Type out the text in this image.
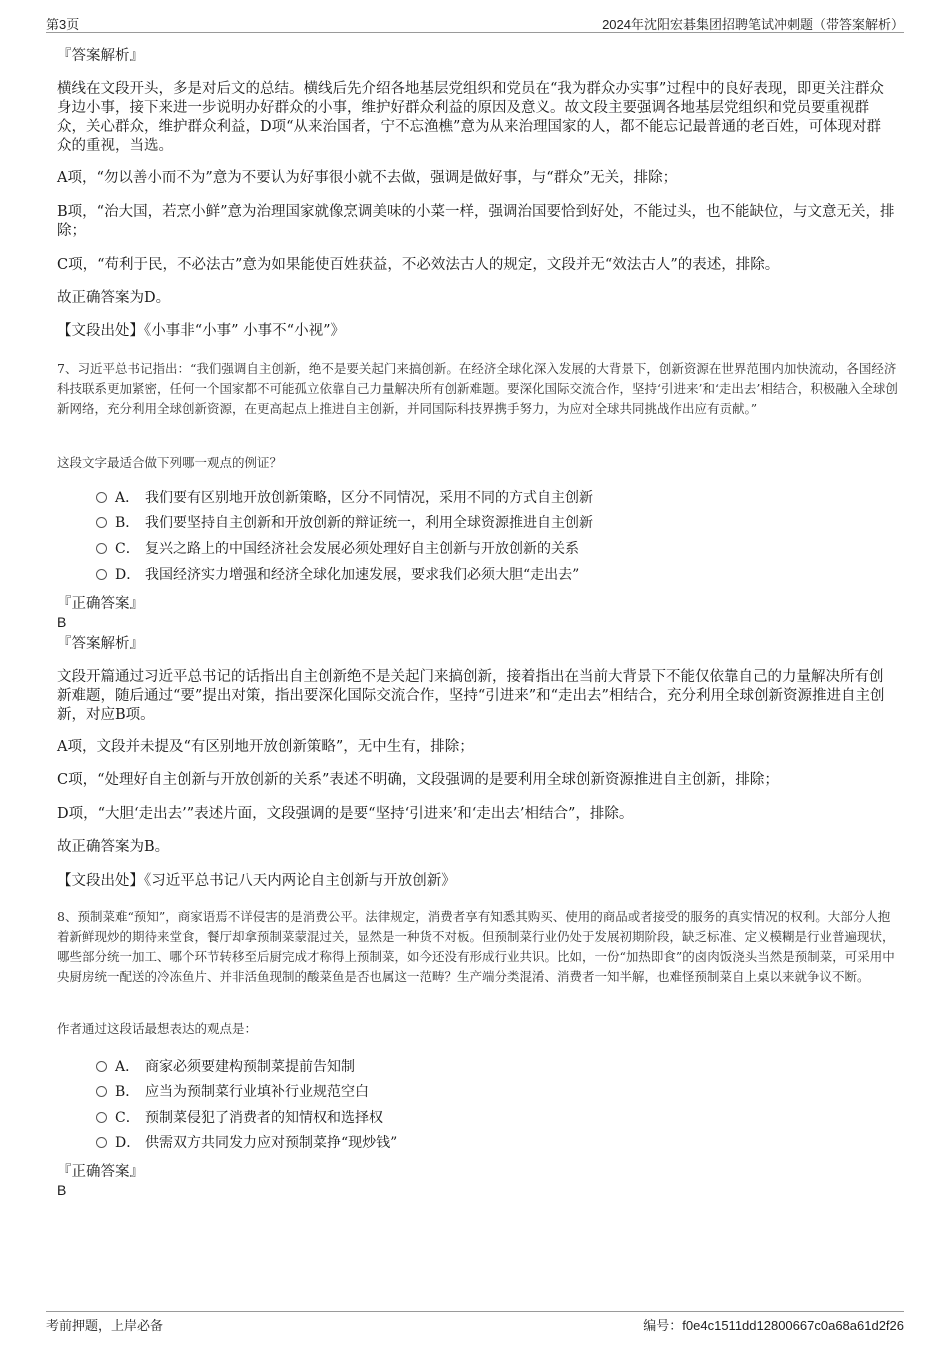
第3页	2024年沈阳宏碁集团招聘笔试冲刺题（带答案解析）
『答案解析』
横线在文段开头，多是对后文的总结。横线后先介绍各地基层党组织和党员在“我为群众办实事”过程中的良好表现，即更关注群众身边小事，接下来进一步说明办好群众的小事，维护好群众利益的原因及意义。故文段主要强调各地基层党组织和党员要重视群众，关心群众，维护群众利益，D项“从来治国者，宁不忘渔樵”意为从来治理国家的人，都不能忘记最普通的老百姓，可体现对群众的重视，当选。
A项，“勿以善小而不为”意为不要认为好事很小就不去做，强调是做好事，与“群众”无关，排除；
B项，“治大国，若烹小鲜”意为治理国家就像烹调美味的小菜一样，强调治国要恰到好处，不能过头，也不能缺位，与文意无关，排除；
C项，“苟利于民，不必法古”意为如果能使百姓获益，不必效法古人的规定，文段并无“效法古人”的表述，排除。
故正确答案为D。
【文段出处】《小事非“小事” 小事不“小视”》
7、习近平总书记指出：“我们强调自主创新，绝不是要关起门来搞创新。在经济全球化深入发展的大背景下，创新资源在世界范围内加快流动，各国经济科技联系更加紧密，任何一个国家都不可能孤立依靠自己力量解决所有创新难题。要深化国际交流合作，坚持‘引进来’和‘走出去’相结合，积极融入全球创新网络，充分利用全球创新资源，在更高起点上推进自主创新，并同国际科技界携手努力，为应对全球共同挑战作出应有贡献。”
这段文字最适合做下列哪一观点的例证？
A． 我们要有区别地开放创新策略，区分不同情况，采用不同的方式自主创新
B． 我们要坚持自主创新和开放创新的辩证统一，利用全球资源推进自主创新
C． 复兴之路上的中国经济社会发展必须处理好自主创新与开放创新的关系
D． 我国经济实力增强和经济全球化加速发展，要求我们必须大胆“走出去”
『正确答案』
B
『答案解析』
文段开篇通过习近平总书记的话指出自主创新绝不是关起门来搞创新，接着指出在当前大背景下不能仅依靠自己的力量解决所有创新难题，随后通过“要”提出对策，指出要深化国际交流合作，坚持“引进来”和“走出去”相结合，充分利用全球创新资源推进自主创新，对应B项。
A项，文段并未提及“有区别地开放创新策略”，无中生有，排除；
C项，“处理好自主创新与开放创新的关系”表述不明确，文段强调的是要利用全球创新资源推进自主创新，排除；
D项，“大胆‘走出去’”表述片面，文段强调的是要“坚持‘引进来’和‘走出去’相结合”，排除。
故正确答案为B。
【文段出处】《习近平总书记八天内两论自主创新与开放创新》
8、预制菜难“预知”，商家语焉不详侵害的是消费公平。法律规定，消费者享有知悉其购买、使用的商品或者接受的服务的真实情况的权利。大部分人抱着新鲜现炒的期待来堂食，餐厅却拿预制菜蒙混过关，显然是一种货不对板。但预制菜行业仍处于发展初期阶段，缺乏标准、定义模糊是行业普遍现状，哪些部分统一加工、哪个环节转移至后厨完成才称得上预制菜，如今还没有形成行业共识。比如，一份“加热即食”的卤肉饭浇头当然是预制菜，可采用中央厨房统一配送的冷冻鱼片、并非活鱼现制的酸菜鱼是否也属这一范畴？生产端分类混淆、消费者一知半解，也难怪预制菜自上桌以来就争议不断。
作者通过这段话最想表达的观点是：
A． 商家必须要建构预制菜提前告知制
B． 应当为预制菜行业填补行业规范空白
C． 预制菜侵犯了消费者的知情权和选择权
D． 供需双方共同发力应对预制菜挣“现炒钱”
『正确答案』
B
考前押题，上岸必备	编号：f0e4c1511dd12800667c0a68a61d2f26
